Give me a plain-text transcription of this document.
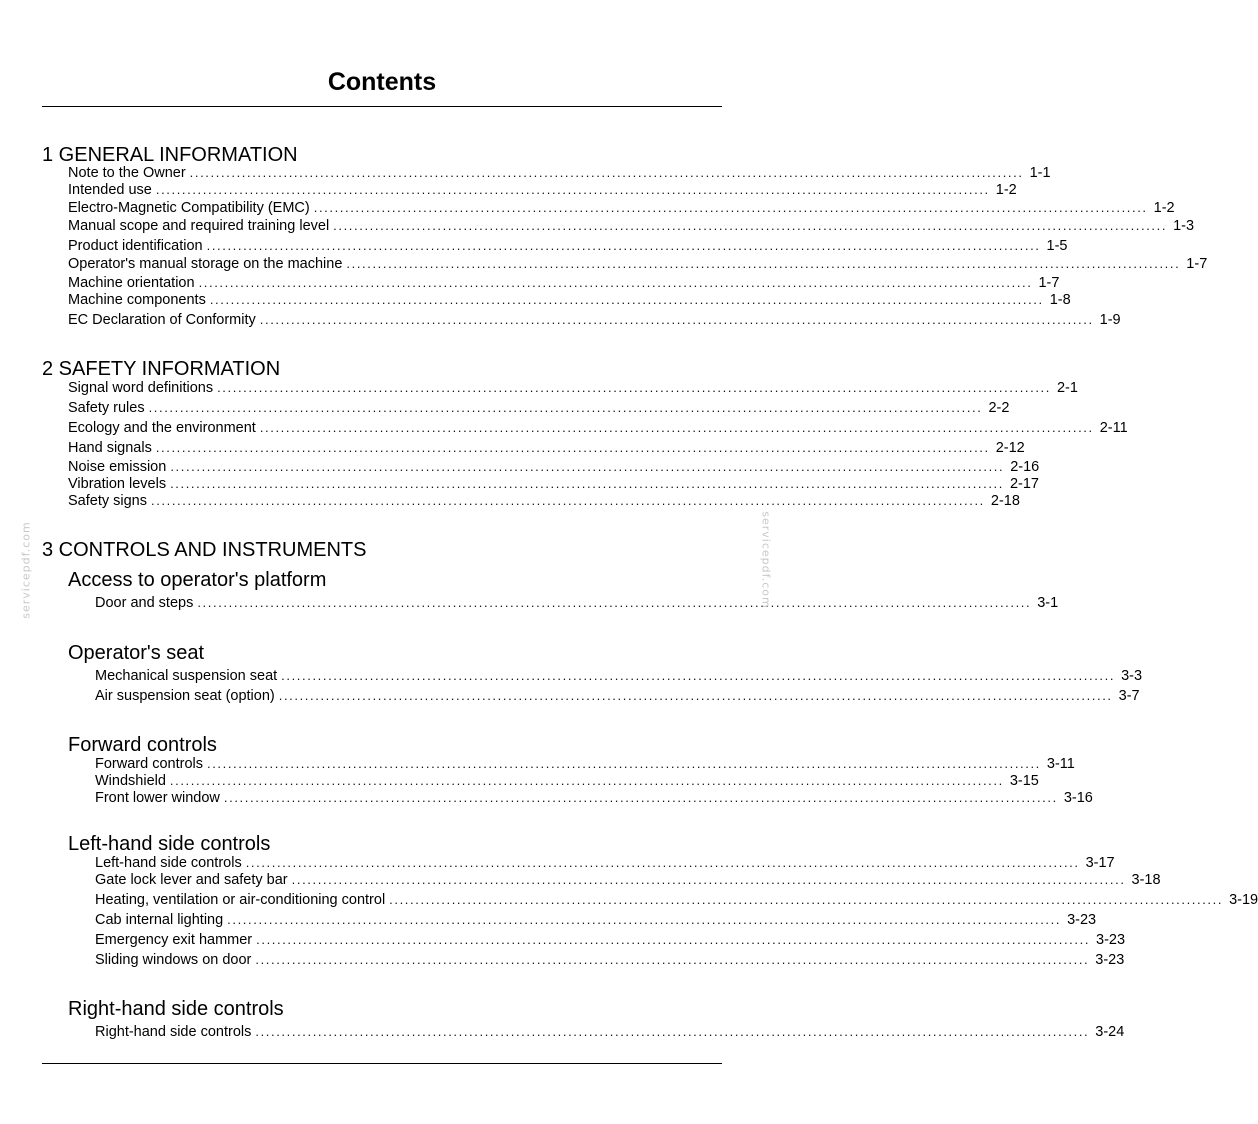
Contents
1 GENERAL INFORMATION
Note to the Owner ................................................................................................................................................................ 1-1
Intended use ................................................................................................................................................................ 1-2
Electro-Magnetic Compatibility (EMC) ................................................................................................................................................................ 1-2
Manual scope and required training level ................................................................................................................................................................ 1-3
Product identification ................................................................................................................................................................ 1-5
Operator's manual storage on the machine ................................................................................................................................................................ 1-7
Machine orientation ................................................................................................................................................................ 1-7
Machine components ................................................................................................................................................................ 1-8
EC Declaration of Conformity ................................................................................................................................................................ 1-9
2 SAFETY INFORMATION
Signal word definitions ................................................................................................................................................................ 2-1
Safety rules ................................................................................................................................................................ 2-2
Ecology and the environment ................................................................................................................................................................ 2-11
Hand signals ................................................................................................................................................................ 2-12
Noise emission ................................................................................................................................................................ 2-16
Vibration levels ................................................................................................................................................................ 2-17
Safety signs ................................................................................................................................................................ 2-18
3 CONTROLS AND INSTRUMENTS
Access to operator's platform
Door and steps ................................................................................................................................................................ 3-1
Operator's seat
Mechanical suspension seat ................................................................................................................................................................ 3-3
Air suspension seat (option) ................................................................................................................................................................ 3-7
Forward controls
Forward controls ................................................................................................................................................................ 3-11
Windshield ................................................................................................................................................................ 3-15
Front lower window ................................................................................................................................................................ 3-16
Left-hand side controls
Left-hand side controls ................................................................................................................................................................ 3-17
Gate lock lever and safety bar ................................................................................................................................................................ 3-18
Heating, ventilation or air-conditioning control ................................................................................................................................................................ 3-19
Cab internal lighting ................................................................................................................................................................ 3-23
Emergency exit hammer ................................................................................................................................................................ 3-23
Sliding windows on door ................................................................................................................................................................ 3-23
Right-hand side controls
Right-hand side controls ................................................................................................................................................................ 3-24
servicepdf.com	servicepdf.com
